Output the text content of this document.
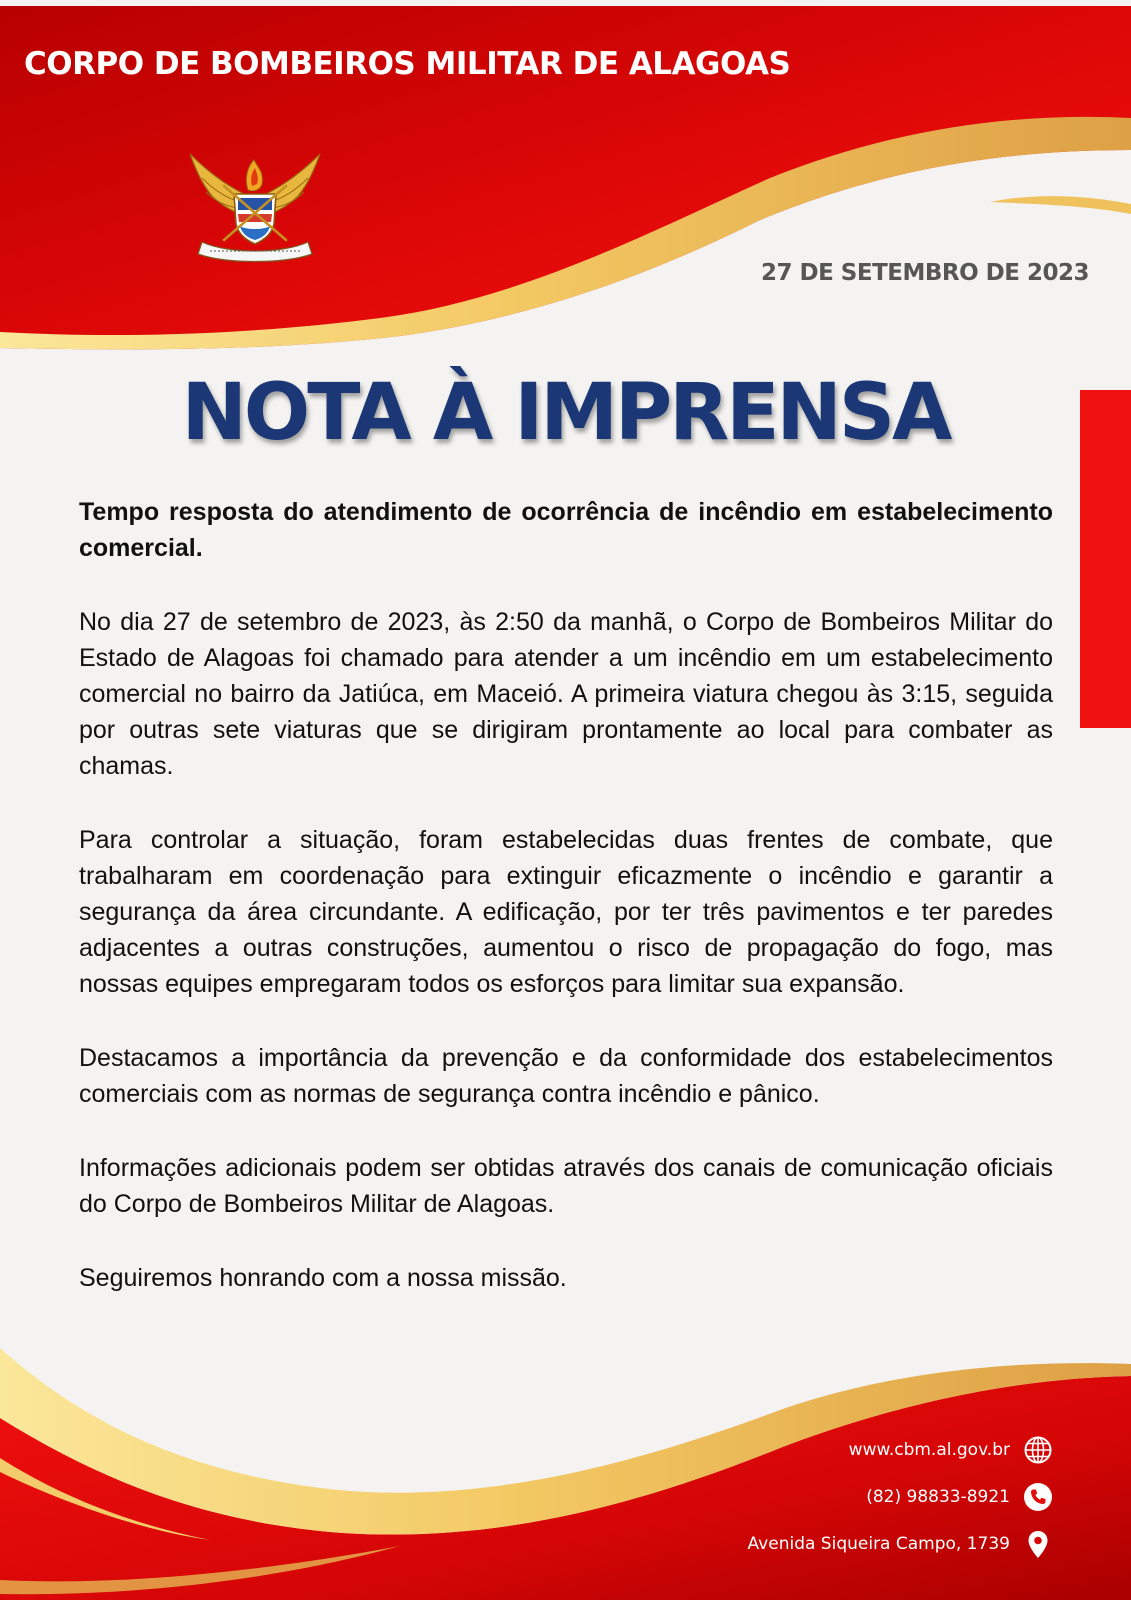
CORPO DE BOMBEIROS MILITAR DE ALAGOAS

27 DE SETEMBRO DE 2023

NOTA À IMPRENSA

Tempo resposta do atendimento de ocorrência de incêndio em estabelecimento comercial.

No dia 27 de setembro de 2023, às 2:50 da manhã, o Corpo de Bombeiros Militar do Estado de Alagoas foi chamado para atender a um incêndio em um estabelecimento comercial no bairro da Jatiúca, em Maceió. A primeira viatura chegou às 3:15, seguida por outras sete viaturas que se dirigiram prontamente ao local para combater as chamas.

Para controlar a situação, foram estabelecidas duas frentes de combate, que trabalharam em coordenação para extinguir eficazmente o incêndio e garantir a segurança da área circundante. A edificação, por ter três pavimentos e ter paredes adjacentes a outras construções, aumentou o risco de propagação do fogo, mas nossas equipes empregaram todos os esforços para limitar sua expansão.

Destacamos a importância da prevenção e da conformidade dos estabelecimentos comerciais com as normas de segurança contra incêndio e pânico.

Informações adicionais podem ser obtidas através dos canais de comunicação oficiais do Corpo de Bombeiros Militar de Alagoas.

Seguiremos honrando com a nossa missão.

www.cbm.al.gov.br
(82) 98833-8921
Avenida Siqueira Campo, 1739
